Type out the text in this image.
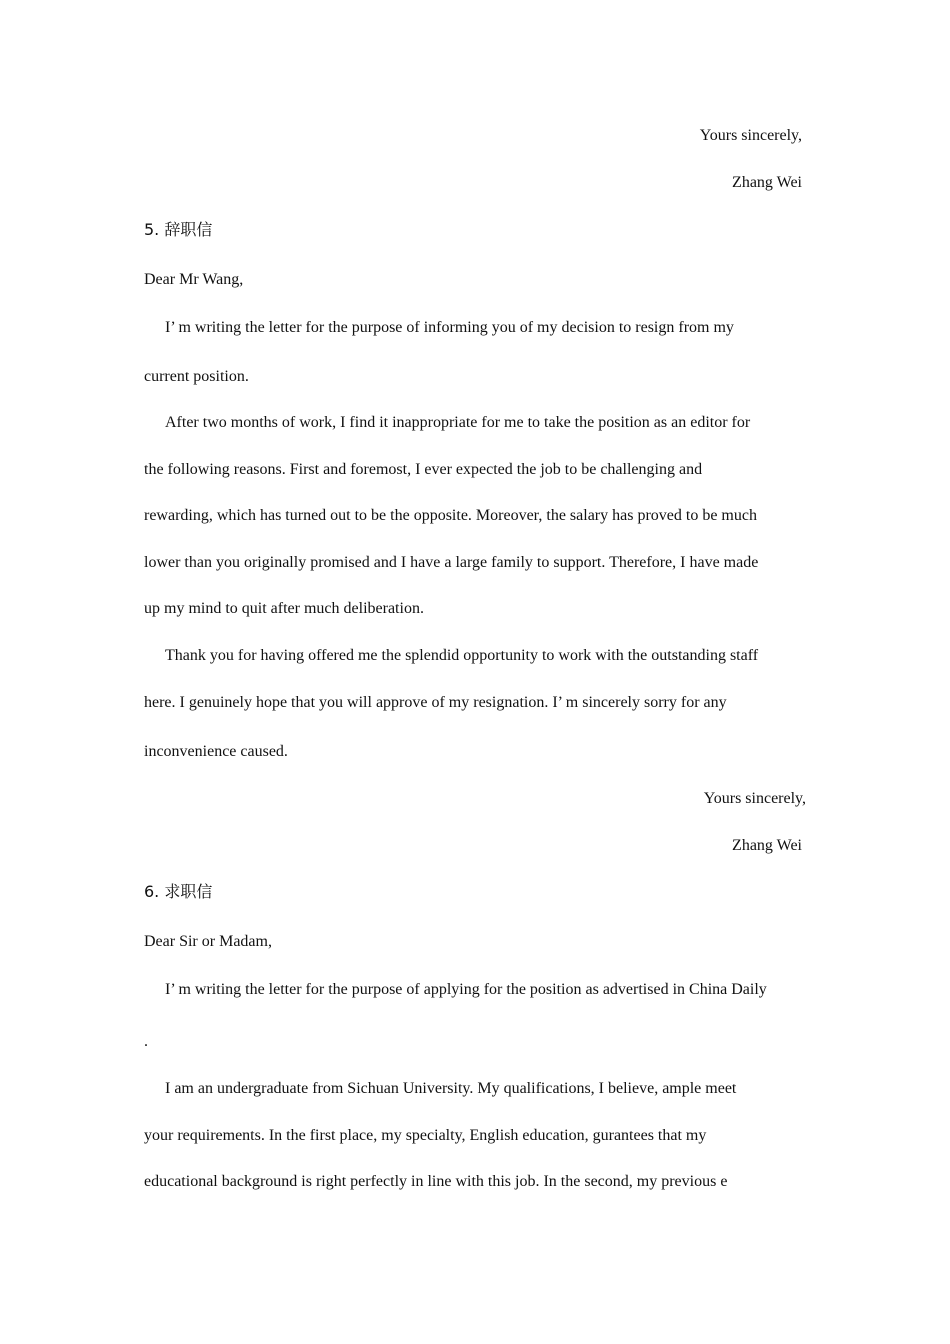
Yours sincerely,
Zhang Wei
5. 辞职信
Dear Mr Wang,
I’ m writing the letter for the purpose of informing you of my decision to resign from my
current position.
After two months of work, I find it inappropriate for me to take the position as an editor for
the following reasons. First and foremost, I ever expected the job to be challenging and
rewarding, which has turned out to be the opposite. Moreover, the salary has proved to be much
lower than you originally promised and I have a large family to support. Therefore, I have made
up my mind to quit after much deliberation.
Thank you for having offered me the splendid opportunity to work with the outstanding staff
here. I genuinely hope that you will approve of my resignation. I’ m sincerely sorry for any
inconvenience caused.
Yours sincerely,
Zhang Wei
6. 求职信
Dear Sir or Madam,
I’ m writing the letter for the purpose of applying for the position as advertised in China Daily
.
I am an undergraduate from Sichuan University. My qualifications, I believe, ample meet
your requirements. In the first place, my specialty, English education, gurantees that my
educational background is right perfectly in line with this job. In the second, my previous e
